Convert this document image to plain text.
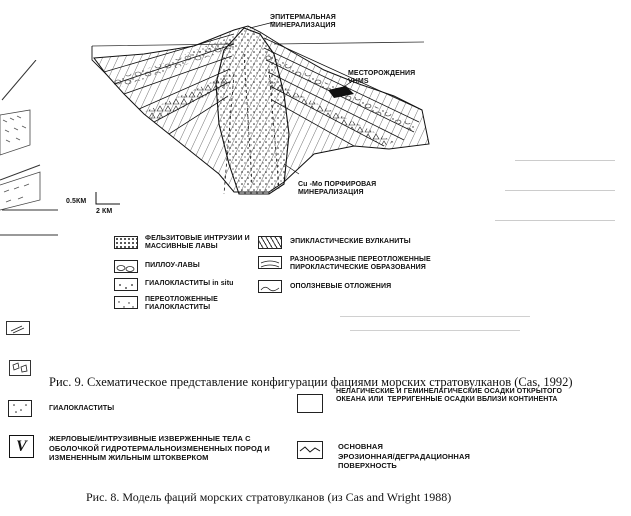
ЭПИТЕРМАЛЬНАЯ
МИНЕРАЛИЗАЦИЯ
МЕСТОРОЖДЕНИЯ
VHMS
Cu -Mo ПОРФИРОВАЯ
МИНЕРАЛИЗАЦИЯ
0.5КМ
2 КМ
ФЕЛЬЗИТОВЫЕ ИНТРУЗИИ И
МАССИВНЫЕ ЛАВЫ
ПИЛЛОУ-ЛАВЫ
ГИАЛОКЛАСТИТЫ in situ
ПЕРЕОТЛОЖЕННЫЕ
ГИАЛОКЛАСТИТЫ
ЭПИКЛАСТИЧЕСКИЕ ВУЛКАНИТЫ
РАЗНООБРАЗНЫЕ ПЕРЕОТЛОЖЕННЫЕ
ПИРОКЛАСТИЧЕСКИЕ ОБРАЗОВАНИЯ
ОПОЛЗНЕВЫЕ ОТЛОЖЕНИЯ
Рис. 9. Схематическое представление конфигурации фациями морских стратовулканов (Cas, 1992)
НЕЛАГИЧЕСКИЕ И ГЕМИНЕЛАГИЧЕСКИЕ ОСАДКИ ОТКРЫТОГО
ОКЕАНА ИЛИ  ТЕРРИГЕННЫЕ ОСАДКИ ВБЛИЗИ КОНТИНЕНТА
ГИАЛОКЛАСТИТЫ
V	ЖЕРЛОВЫЕ/ИНТРУЗИВНЫЕ ИЗВЕРЖЕННЫЕ ТЕЛА С
ОБОЛОЧКОЙ ГИДРОТЕРМАЛЬНОИЗМЕНЕННЫХ ПОРОД И
ИЗМЕНЕННЫМ ЖИЛЬНЫМ ШТОКВЕРКОМ
ОСНОВНАЯ
ЭРОЗИОННАЯ/ДЕГРАДАЦИОННАЯ
ПОВЕРХНОСТЬ
Рис. 8. Модель фаций морских стратовулканов (из Cas and Wright 1988)
